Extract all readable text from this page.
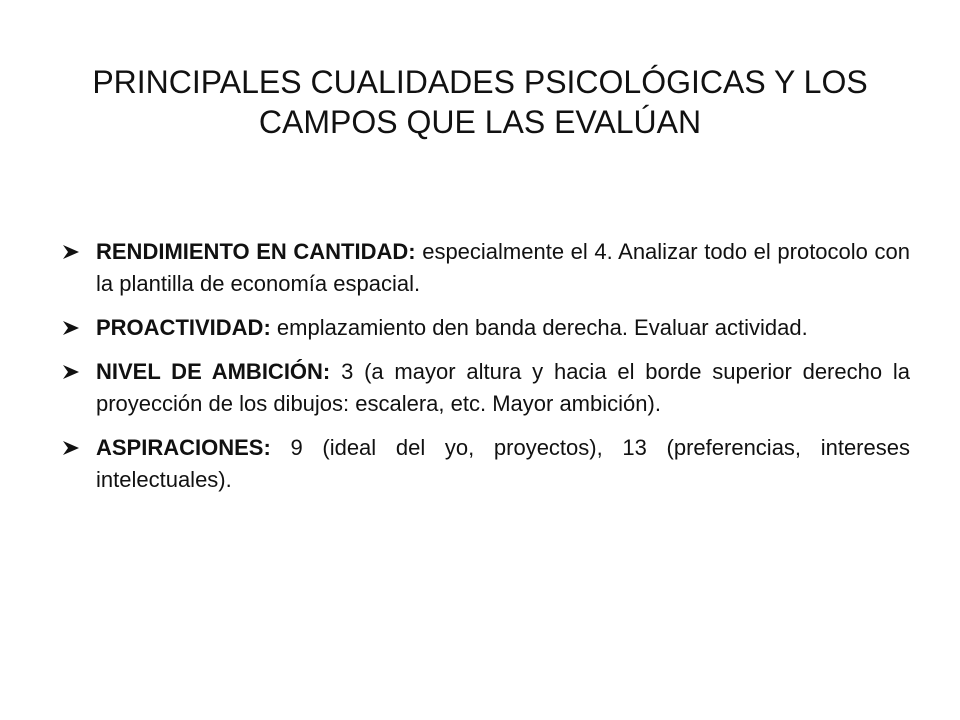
PRINCIPALES CUALIDADES PSICOLÓGICAS Y LOS
CAMPOS QUE LAS EVALÚAN
RENDIMIENTO EN CANTIDAD: especialmente el 4. Analizar todo el protocolo con la plantilla de economía espacial.
PROACTIVIDAD: emplazamiento den banda derecha. Evaluar actividad.
NIVEL DE AMBICIÓN: 3 (a mayor altura y hacia el borde superior derecho la proyección de los dibujos: escalera, etc. Mayor ambición).
ASPIRACIONES: 9 (ideal del yo, proyectos), 13 (preferencias, intereses intelectuales).
